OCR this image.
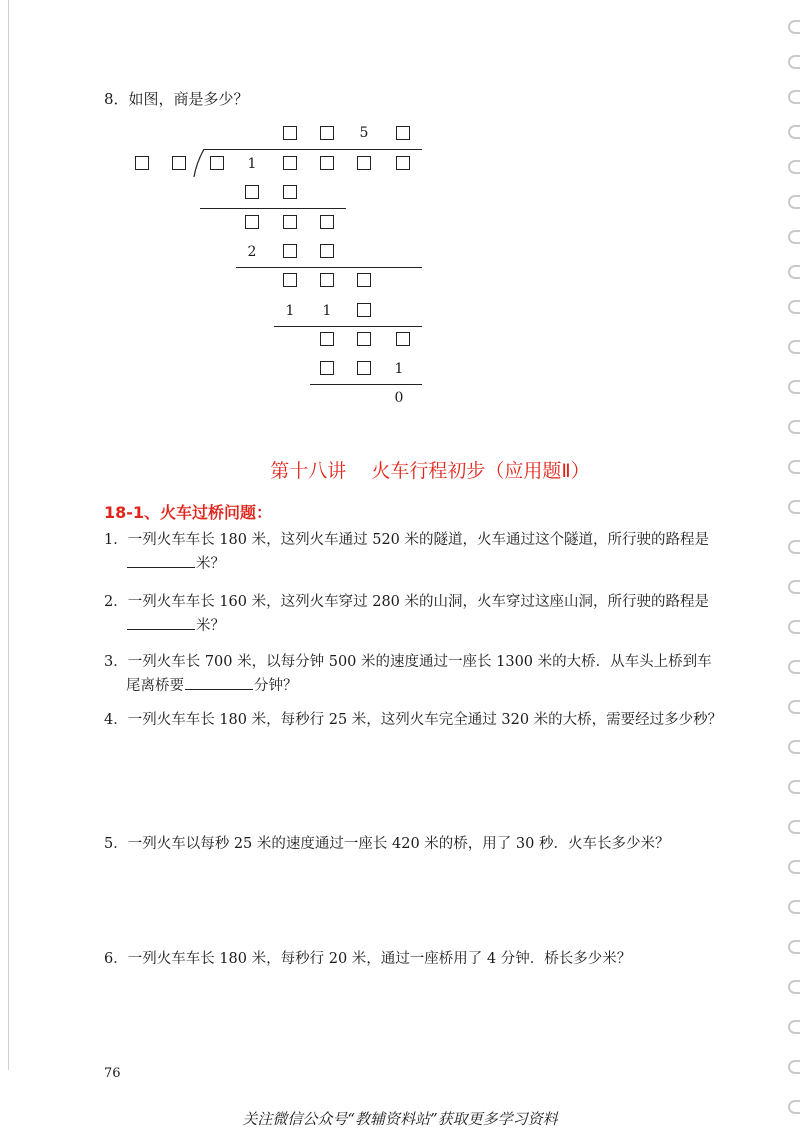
8．如图，商是多少？
5
1
2
1 1
1
0
第十八讲　 火车行程初步（应用题Ⅱ）
18-1、火车过桥问题：
1．一列火车车长 180 米，这列火车通过 520 米的隧道，火车通过这个隧道，所行驶的路程是
米？
2．一列火车车长 160 米，这列火车穿过 280 米的山洞，火车穿过这座山洞，所行驶的路程是
米？
3．一列火车长 700 米，以每分钟 500 米的速度通过一座长 1300 米的大桥．从车头上桥到车
尾离桥要	分钟？
4．一列火车车长 180 米，每秒行 25 米，这列火车完全通过 320 米的大桥，需要经过多少秒？
5．一列火车以每秒 25 米的速度通过一座长 420 米的桥，用了 30 秒．火车长多少米？
6．一列火车车长 180 米，每秒行 20 米，通过一座桥用了 4 分钟．桥长多少米？
76
关注微信公众号“教辅资料站”获取更多学习资料
